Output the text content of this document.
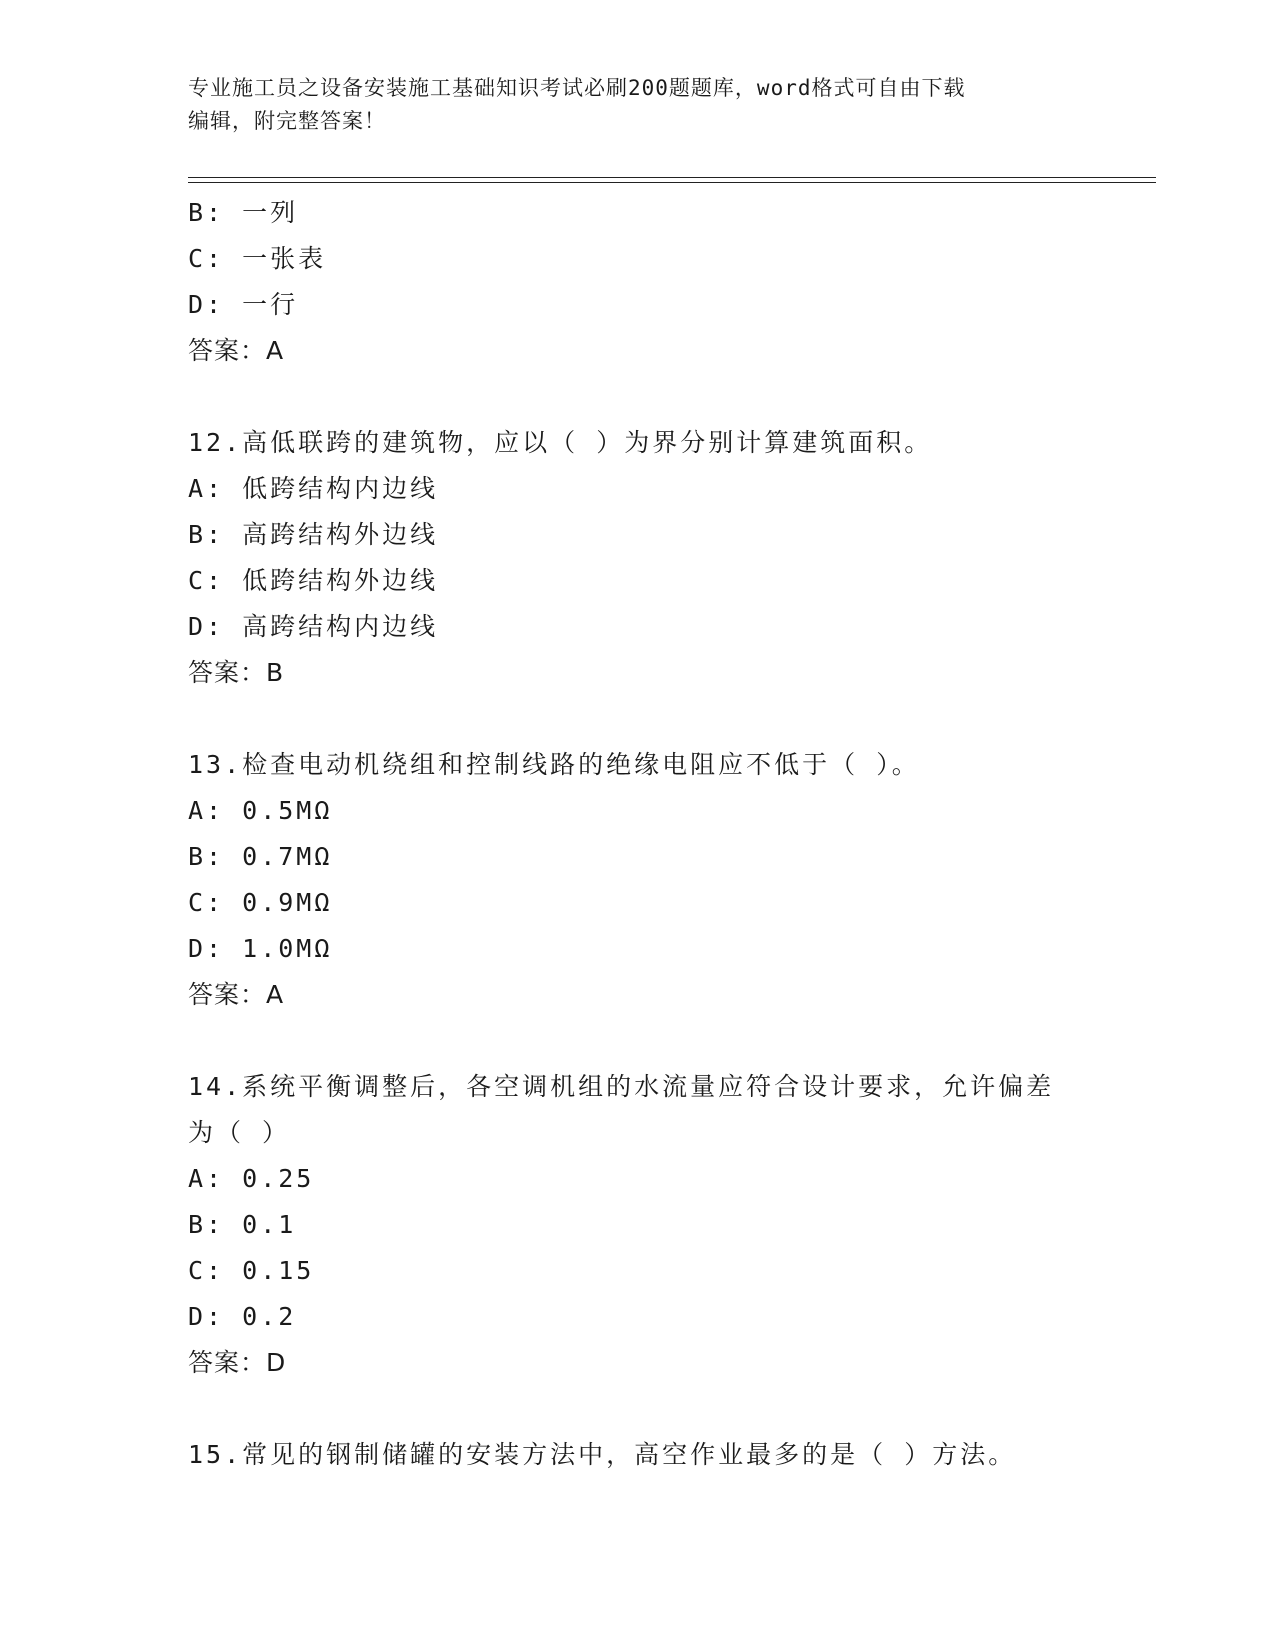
专业施工员之设备安装施工基础知识考试必刷200题题库，word格式可自由下载
编辑，附完整答案！
B: 一列
C: 一张表
D: 一行
答案：A
12.高低联跨的建筑物，应以（ ）为界分别计算建筑面积。
A: 低跨结构内边线
B: 高跨结构外边线
C: 低跨结构外边线
D: 高跨结构内边线
答案：B
13.检查电动机绕组和控制线路的绝缘电阻应不低于（ ）。
A: 0.5MΩ
B: 0.7MΩ
C: 0.9MΩ
D: 1.0MΩ
答案：A
14.系统平衡调整后，各空调机组的水流量应符合设计要求，允许偏差
为（ ）
A: 0.25
B: 0.1
C: 0.15
D: 0.2
答案：D
15.常见的钢制储罐的安装方法中，高空作业最多的是（ ）方法。
